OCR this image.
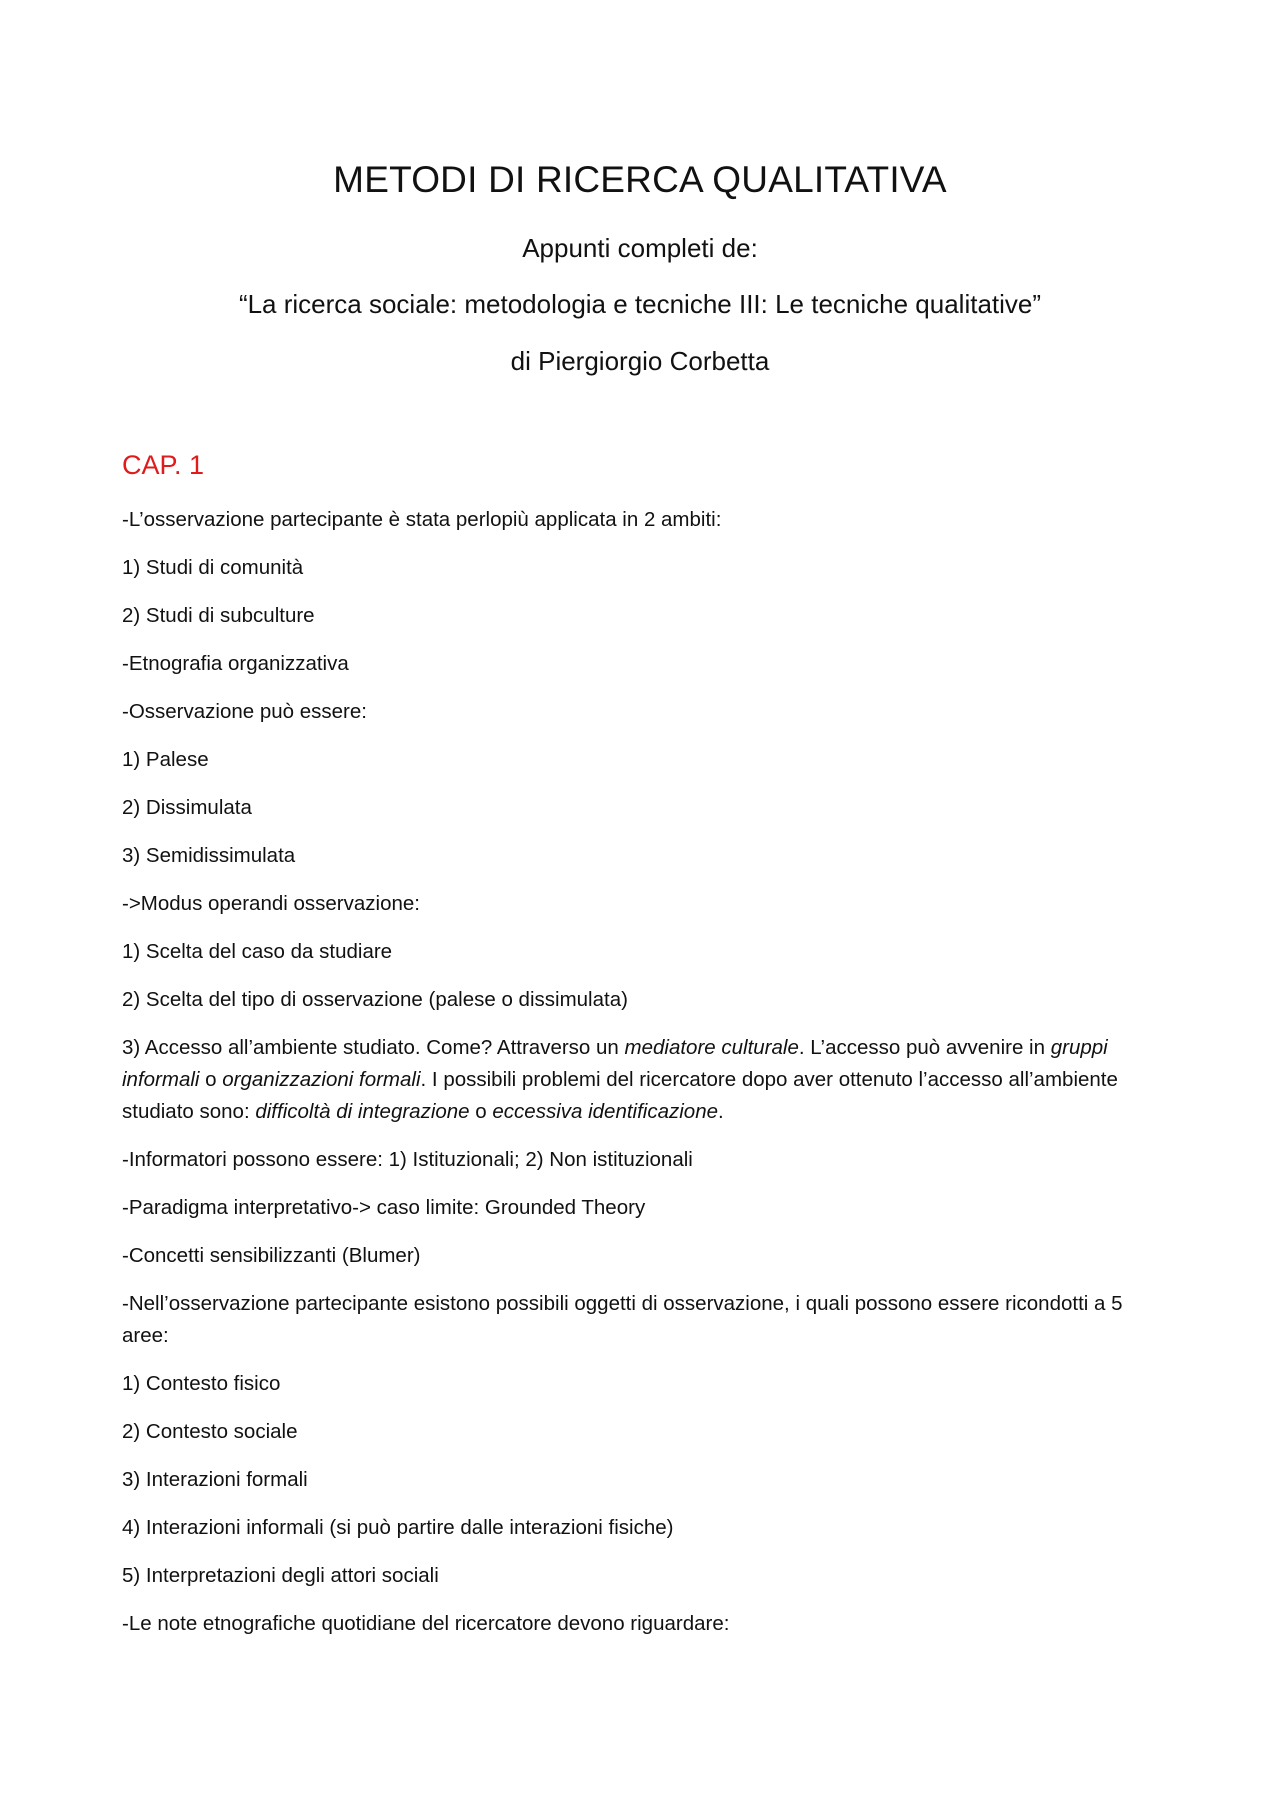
METODI DI RICERCA QUALITATIVA
Appunti completi de:
“La ricerca sociale: metodologia e tecniche III: Le tecniche qualitative”
di Piergiorgio Corbetta
CAP. 1

-L’osservazione partecipante è stata perlopiù applicata in 2 ambiti:

1) Studi di comunità

2) Studi di subculture

-Etnografia organizzativa

-Osservazione può essere:

1) Palese

2) Dissimulata

3) Semidissimulata

->Modus operandi osservazione:

1) Scelta del caso da studiare

2) Scelta del tipo di osservazione (palese o dissimulata)

3) Accesso all’ambiente studiato. Come? Attraverso un mediatore culturale. L’accesso può avvenire in gruppi informali o organizzazioni formali. I possibili problemi del ricercatore dopo aver ottenuto l’accesso all’ambiente studiato sono: difficoltà di integrazione o eccessiva identificazione.

-Informatori possono essere: 1) Istituzionali; 2) Non istituzionali

-Paradigma interpretativo-> caso limite: Grounded Theory

-Concetti sensibilizzanti (Blumer)

-Nell’osservazione partecipante esistono possibili oggetti di osservazione, i quali possono essere ricondotti a 5 aree:

1) Contesto fisico

2) Contesto sociale

3) Interazioni formali

4) Interazioni informali (si può partire dalle interazioni fisiche)

5) Interpretazioni degli attori sociali

-Le note etnografiche quotidiane del ricercatore devono riguardare:
